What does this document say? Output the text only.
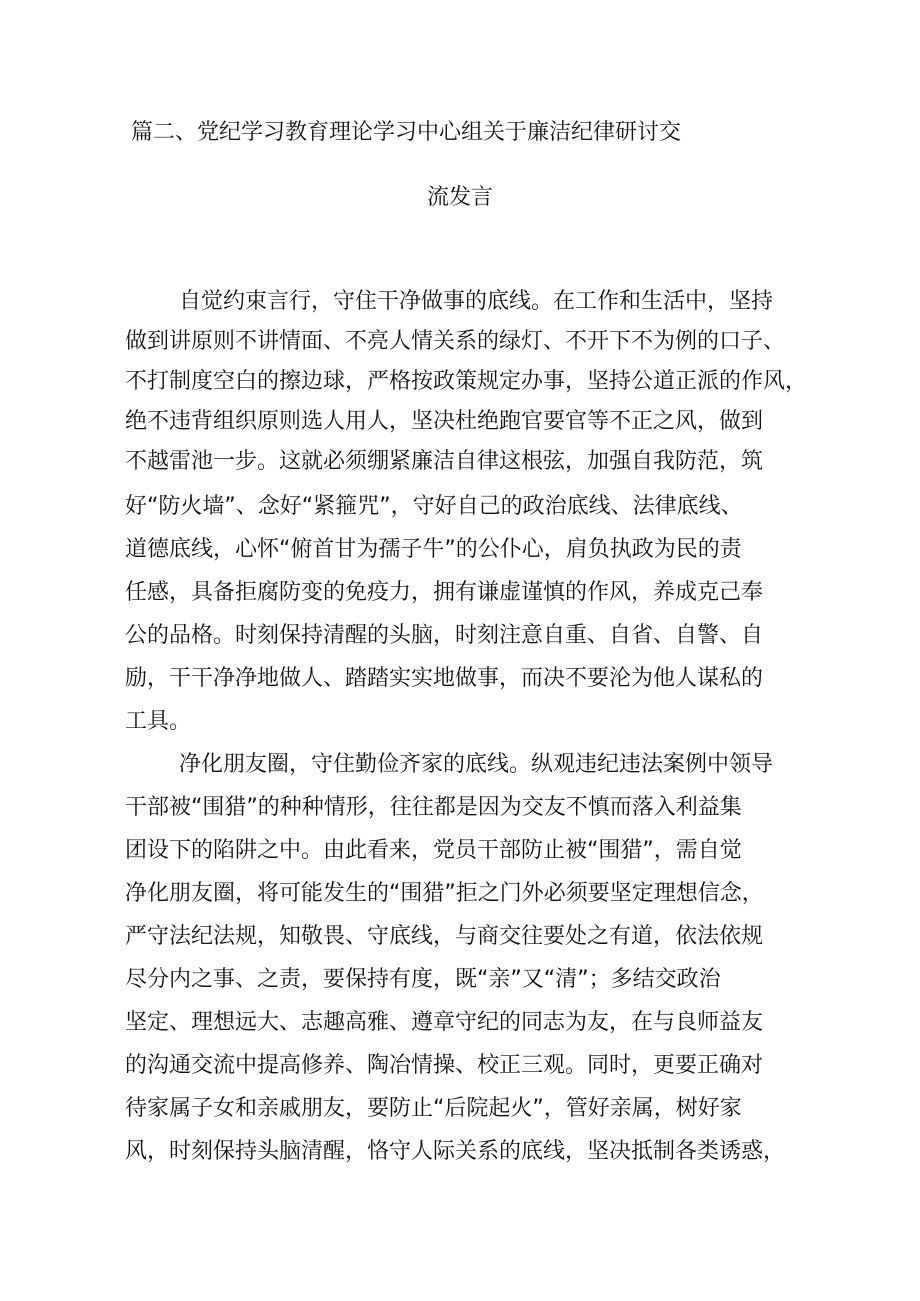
篇二、党纪学习教育理论学习中心组关于廉洁纪律研讨交
流发言
自觉约束言行，守住干净做事的底线。在工作和生活中，坚持
做到讲原则不讲情面、不亮人情关系的绿灯、不开下不为例的口子、
不打制度空白的擦边球，严格按政策规定办事，坚持公道正派的作风，
绝不违背组织原则选人用人，坚决杜绝跑官要官等不正之风，做到
不越雷池一步。这就必须绷紧廉洁自律这根弦，加强自我防范，筑
好“防火墙”、念好“紧箍咒”，守好自己的政治底线、法律底线、
道德底线，心怀“俯首甘为孺子牛”的公仆心，肩负执政为民的责
任感，具备拒腐防变的免疫力，拥有谦虚谨慎的作风，养成克己奉
公的品格。时刻保持清醒的头脑，时刻注意自重、自省、自警、自
励，干干净净地做人、踏踏实实地做事，而决不要沦为他人谋私的
工具。
净化朋友圈，守住勤俭齐家的底线。纵观违纪违法案例中领导
干部被“围猎”的种种情形，往往都是因为交友不慎而落入利益集
团设下的陷阱之中。由此看来，党员干部防止被“围猎”，需自觉
净化朋友圈，将可能发生的“围猎”拒之门外必须要坚定理想信念，
严守法纪法规，知敬畏、守底线，与商交往要处之有道，依法依规
尽分内之事、之责，要保持有度，既“亲”又“清”；多结交政治
坚定、理想远大、志趣高雅、遵章守纪的同志为友，在与良师益友
的沟通交流中提高修养、陶冶情操、校正三观。同时，更要正确对
待家属子女和亲戚朋友，要防止“后院起火”，管好亲属，树好家
风，时刻保持头脑清醒，恪守人际关系的底线，坚决抵制各类诱惑，
